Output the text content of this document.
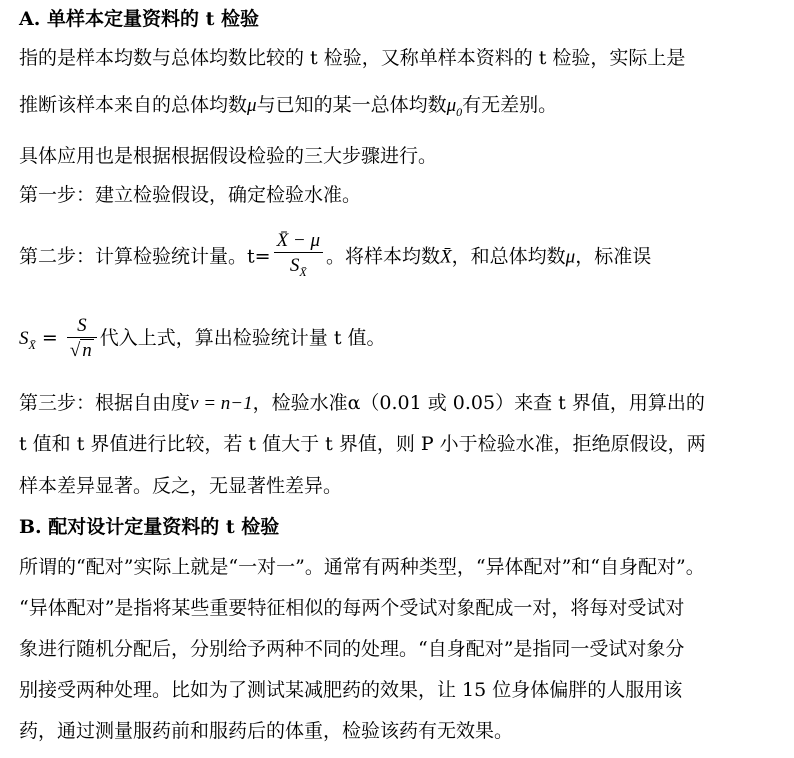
A. 单样本定量资料的 t 检验
指的是样本均数与总体均数比较的 t 检验，又称单样本资料的 t 检验，实际上是
推断该样本来自的总体均数μ与已知的某一总体均数$\mu_0$有无差别。
具体应用也是根据根据假设检验的三大步骤进行。
第一步：建立检验假设，确定检验水准。
第二步：计算检验统计量。$t= \frac{X̄ - \mu}{S_{X̄}}$ 。将样本均数X̄，和总体均数μ，标准误
$S_{X̄} = \frac{S}{√ n}$ 代入上式，算出检验统计量 t 值。
第三步：根据自由度ν = n−1，检验水准α（0.01 或 0.05）来查 t 界值，用算出的
t 值和 t 界值进行比较，若 t 值大于 t 界值，则 P 小于检验水准，拒绝原假设，两
样本差异显著。反之，无显著性差异。
B. 配对设计定量资料的 t 检验
所谓的“配对”实际上就是“一对一”。通常有两种类型，“异体配对”和“自身配对”。
“异体配对”是指将某些重要特征相似的每两个受试对象配成一对，将每对受试对
象进行随机分配后，分别给予两种不同的处理。“自身配对”是指同一受试对象分
别接受两种处理。比如为了测试某减肥药的效果，让 15 位身体偏胖的人服用该
药，通过测量服药前和服药后的体重，检验该药有无效果。
